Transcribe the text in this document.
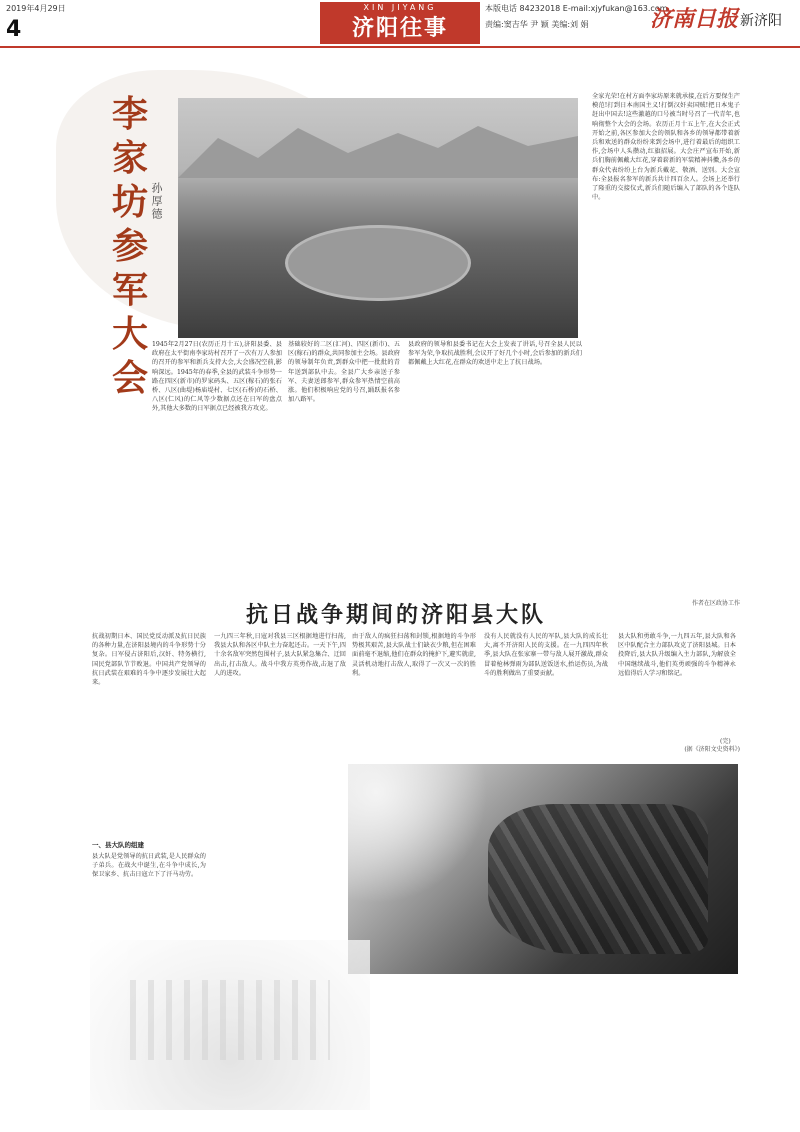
2019年4月29日
4
XIN JIYANG
济阳往事
本版电话 84232018 E-mail:xjyfukan@163.com
责编:窦吉华 尹 颖 美编:刘 娟	济南日报 新济阳
李
家
坊
参
军
大
会
孙厚德

1945年2月27日(农历正月十五),济阳县委、县政府在太平街南李家坊村召开了一次有万人参加的召开的参军和新兵支持大会,大会盛况空前,影响深远。1945年的春季,全县的武装斗争形势一路在四区(新市)的罗家码头、五区(稼石)的张石桥、八区(曲堤)杨庙堤村、七区(石桥)的石桥、八区(仁风)的仁风等少数据点还在日军的盘点外,其他大多数的日军据点已经被我方攻克。

基础较好的二区(汇河)、四区(新市)、五区(稼石)的群众,共同参加主会场。县政府的领导制年负责,到群众中把一批批的青年送到部队中去。全县广大乡亲送子参军、夫妻送郎参军,群众参军热情空前高涨。他们积极响应党的号召,踊跃报名参加八路军。

县政府的领导和县委书记在大会上发表了讲话,号召全县人民以参军为荣,争取抗战胜利,会议开了好几个小时,会后参加的新兵们都佩戴上大红花,在群众的欢送中走上了抗日战场。

全家光荣!在村方面李家坊原来就承接,在后方要保生产模范!打到日本南国主义!打倒汉奸卖国贼!把日本鬼子赶出中国去!这些激越的口号被当时号召了一代青年,也响彻整个大会的会场。农历正月十五上午,在大会正式开始之前,各区参加大会的领队和各乡的领导都带着新兵和欢送的群众纷纷来到会场中,进行着最后的组织工作,会场中人头攒动,红旗招展。大会庄严宣布开始,新兵们胸前佩戴大红花,穿着崭新的军装精神抖擞,各乡的群众代表纷纷上台为新兵戴花、敬酒、送别。大会宣布:全县报名参军的新兵共计四百余人。会场上还举行了隆重的交接仪式,新兵们随后编入了部队的各个连队中。

作者在区政协工作
抗日战争期间的济阳县大队

抗战初期日本、国民党反动派及抗日民族的各种力量,在济阳县境内的斗争形势十分复杂。日军侵占济阳后,汉奸、特务横行,国民党部队节节败退。中国共产党领导的抗日武装在艰难的斗争中逐步发展壮大起来。

一、县大队的组建

县大队是党领导的抗日武装,是人民群众的子弟兵。在战火中诞生,在斗争中成长,为保卫家乡、抗击日寇立下了汗马功劳。

一九四三年秋,日寇对我县三区根据地进行扫荡,我县大队和各区中队主力奋起还击。一天下午,四十余名敌军突然包围村子,县大队紧急集合、迂回出击,打击敌人。战斗中我方英勇作战,击退了敌人的进攻。

由于敌人的疯狂扫荡和封锁,根据地的斗争形势极其艰苦,县大队战士们缺衣少粮,但在困难面前毫不退缩,他们在群众的掩护下,避实就虚,灵活机动地打击敌人,取得了一次又一次的胜利。

没有人民就没有人民的军队,县大队的成长壮大,离不开济阳人民的支援。在一九四四年秋季,县大队在张家寨一带与敌人展开激战,群众冒着枪林弹雨为部队送饭送水,抬运伤员,为战斗的胜利做出了重要贡献。

县大队和勇敢斗争,一九四五年,县大队和各区中队配合主力部队攻克了济阳县城。日本投降后,县大队升级编入主力部队,为解放全中国继续战斗,他们英勇顽强的斗争精神永远值得后人学习和铭记。

(完)
(据《济阳文史资料》)
